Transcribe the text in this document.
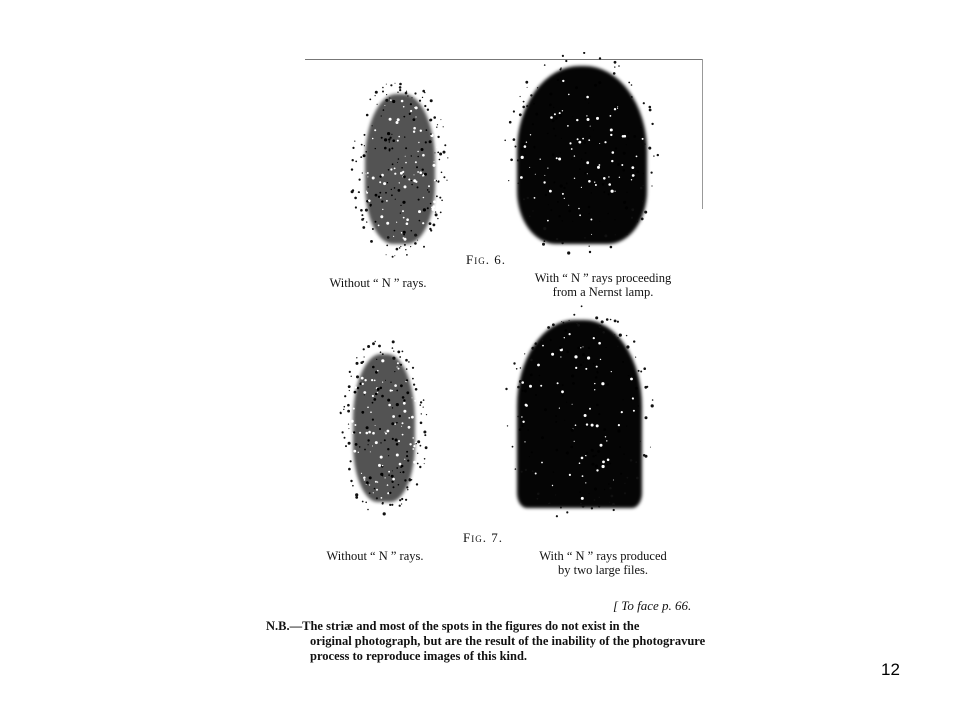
Fig. 6.
Without “ N ” rays.	With “ N ” rays proceeding
from a Nernst lamp.
Fig. 7.
Without “ N ” rays.	With “ N ” rays produced
by two large files.
[ To face p. 66.
N.B.—The striæ and most of the spots in the figures do not exist in the
original photograph, but are the result of the inability of the photogravure process to reproduce images of this kind.
12
